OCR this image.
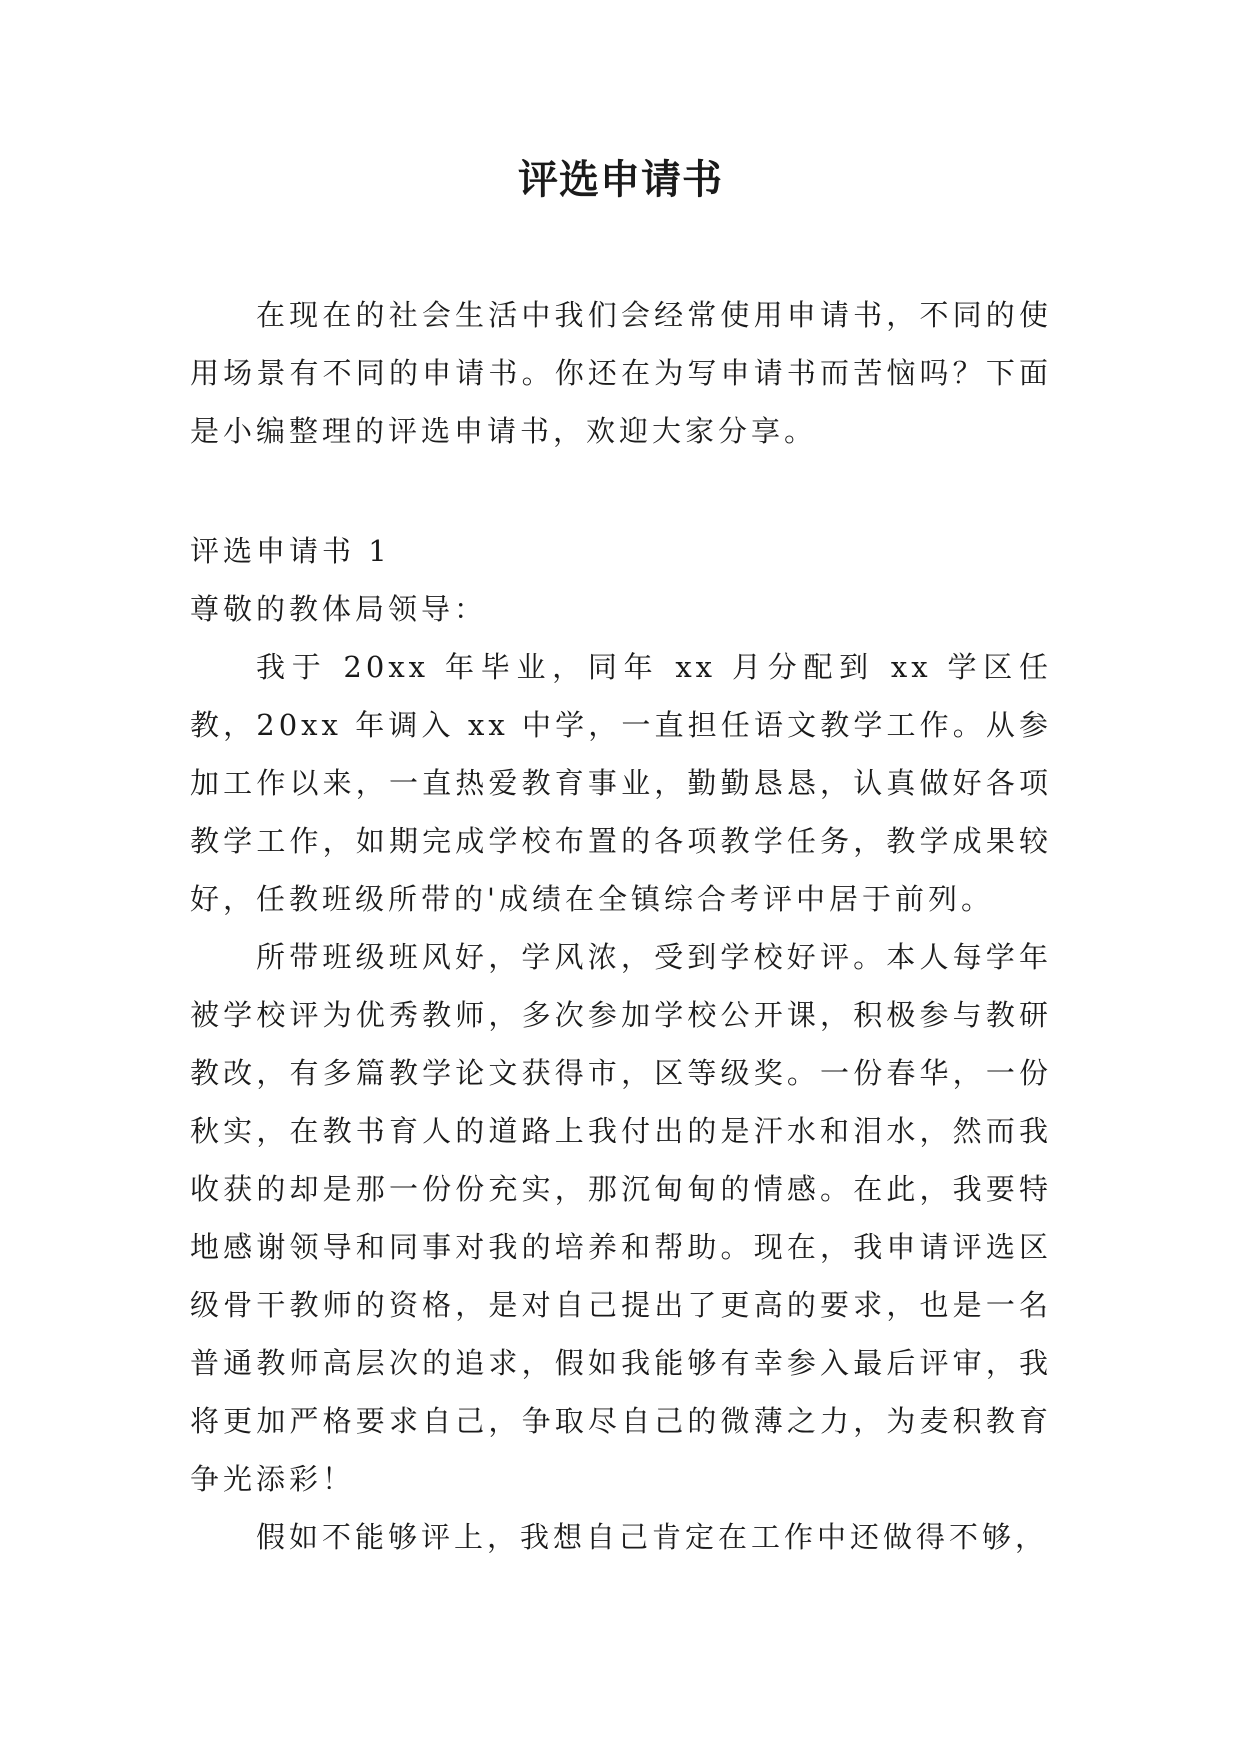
评选申请书

在现在的社会生活中我们会经常使用申请书，不同的使用场景有不同的申请书。你还在为写申请书而苦恼吗？下面是小编整理的评选申请书，欢迎大家分享。

评选申请书 1

尊敬的教体局领导：

我于 20xx 年毕业，同年 xx 月分配到 xx 学区任教，20xx 年调入 xx 中学，一直担任语文教学工作。从参加工作以来，一直热爱教育事业，勤勤恳恳，认真做好各项教学工作，如期完成学校布置的各项教学任务，教学成果较好，任教班级所带的'成绩在全镇综合考评中居于前列。

所带班级班风好，学风浓，受到学校好评。本人每学年被学校评为优秀教师，多次参加学校公开课，积极参与教研教改，有多篇教学论文获得市，区等级奖。一份春华，一份秋实，在教书育人的道路上我付出的是汗水和泪水，然而我收获的却是那一份份充实，那沉甸甸的情感。在此，我要特地感谢领导和同事对我的培养和帮助。现在，我申请评选区级骨干教师的资格，是对自己提出了更高的要求，也是一名普通教师高层次的追求，假如我能够有幸参入最后评审，我将更加严格要求自己，争取尽自己的微薄之力，为麦积教育争光添彩！

假如不能够评上，我想自己肯定在工作中还做得不够，
